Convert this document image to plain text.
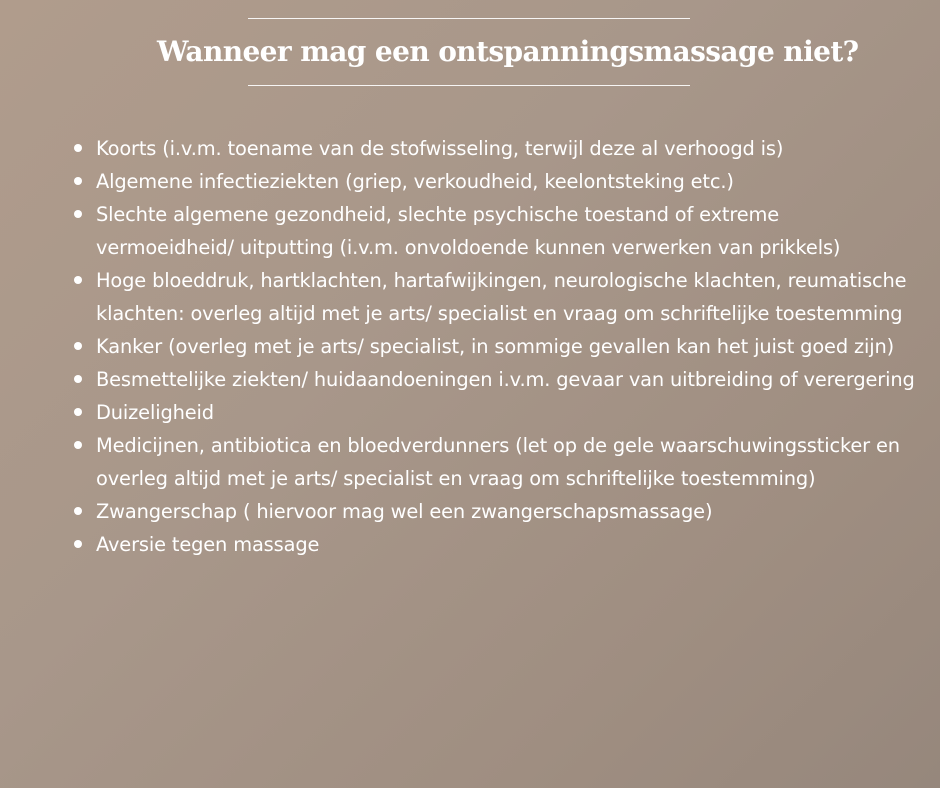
Wanneer mag een ontspanningsmassage niet?
Koorts (i.v.m. toename van de stofwisseling, terwijl deze al verhoogd is)
Algemene infectieziekten (griep, verkoudheid, keelontsteking etc.)
Slechte algemene gezondheid, slechte psychische toestand of extreme vermoeidheid/ uitputting (i.v.m. onvoldoende kunnen verwerken van prikkels)
Hoge bloeddruk, hartklachten, hartafwijkingen, neurologische klachten, reumatische klachten: overleg altijd met je arts/ specialist en vraag om schriftelijke toestemming
Kanker (overleg met je arts/ specialist, in sommige gevallen kan het juist goed zijn)
Besmettelijke ziekten/ huidaandoeningen i.v.m. gevaar van uitbreiding of verergering
Duizeligheid
Medicijnen, antibiotica en bloedverdunners (let op de gele waarschuwingssticker en overleg altijd met je arts/ specialist en vraag om schriftelijke toestemming)
Zwangerschap ( hiervoor mag wel een zwangerschapsmassage)
Aversie tegen massage
